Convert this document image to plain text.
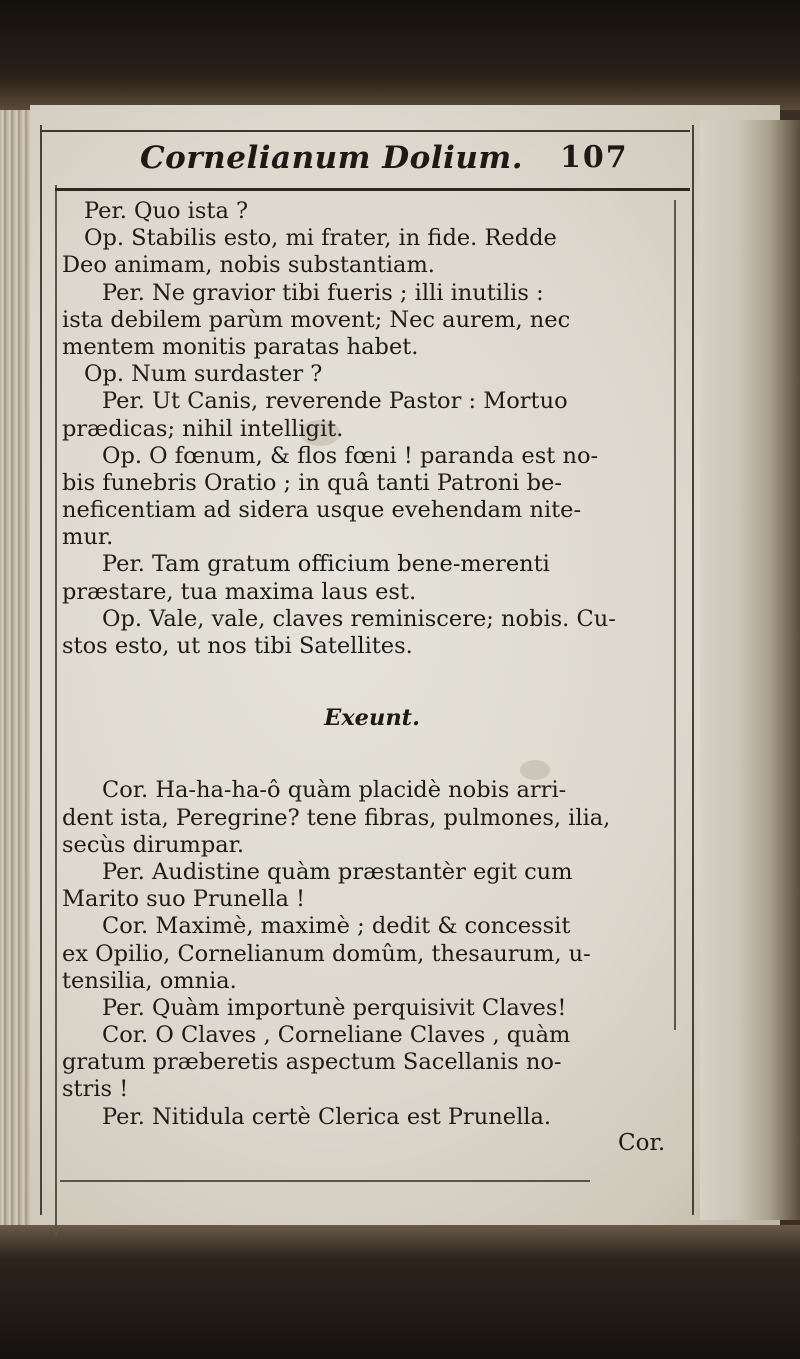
Cornelianum Dolium. 107
Per. Quo ista ?
Op. Stabilis esto, mi frater, in fide. Redde
Deo animam, nobis substantiam.
Per. Ne gravior tibi fueris ; illi inutilis :
ista debilem parùm movent; Nec aurem, nec
mentem monitis paratas habet.
Op. Num surdaster ?
Per. Ut Canis, reverende Pastor : Mortuo
prædicas; nihil intelligit.
Op. O fœnum, & flos fœni ! paranda est no-
bis funebris Oratio ; in quâ tanti Patroni be-
neficentiam ad sidera usque evehendam nite-
mur.
Per. Tam gratum officium bene-merenti
præstare, tua maxima laus est.
Op. Vale, vale, claves reminiscere; nobis. Cu-
stos esto, ut nos tibi Satellites.
Exeunt.
Cor. Ha-ha-ha-ô quàm placidè nobis arri-
dent ista, Peregrine? tene fibras, pulmones, ilia,
secùs dirumpar.
Per. Audistine quàm præstantèr egit cum
Marito suo Prunella !
Cor. Maximè, maximè ; dedit & concessit
ex Opilio, Cornelianum domûm, thesaurum, u-
tensilia, omnia.
Per. Quàm importunè perquisivit Claves!
Cor. O Claves , Corneliane Claves , quàm
gratum præberetis aspectum Sacellanis no-
stris !
Per. Nitidula certè Clerica est Prunella.
Cor.
